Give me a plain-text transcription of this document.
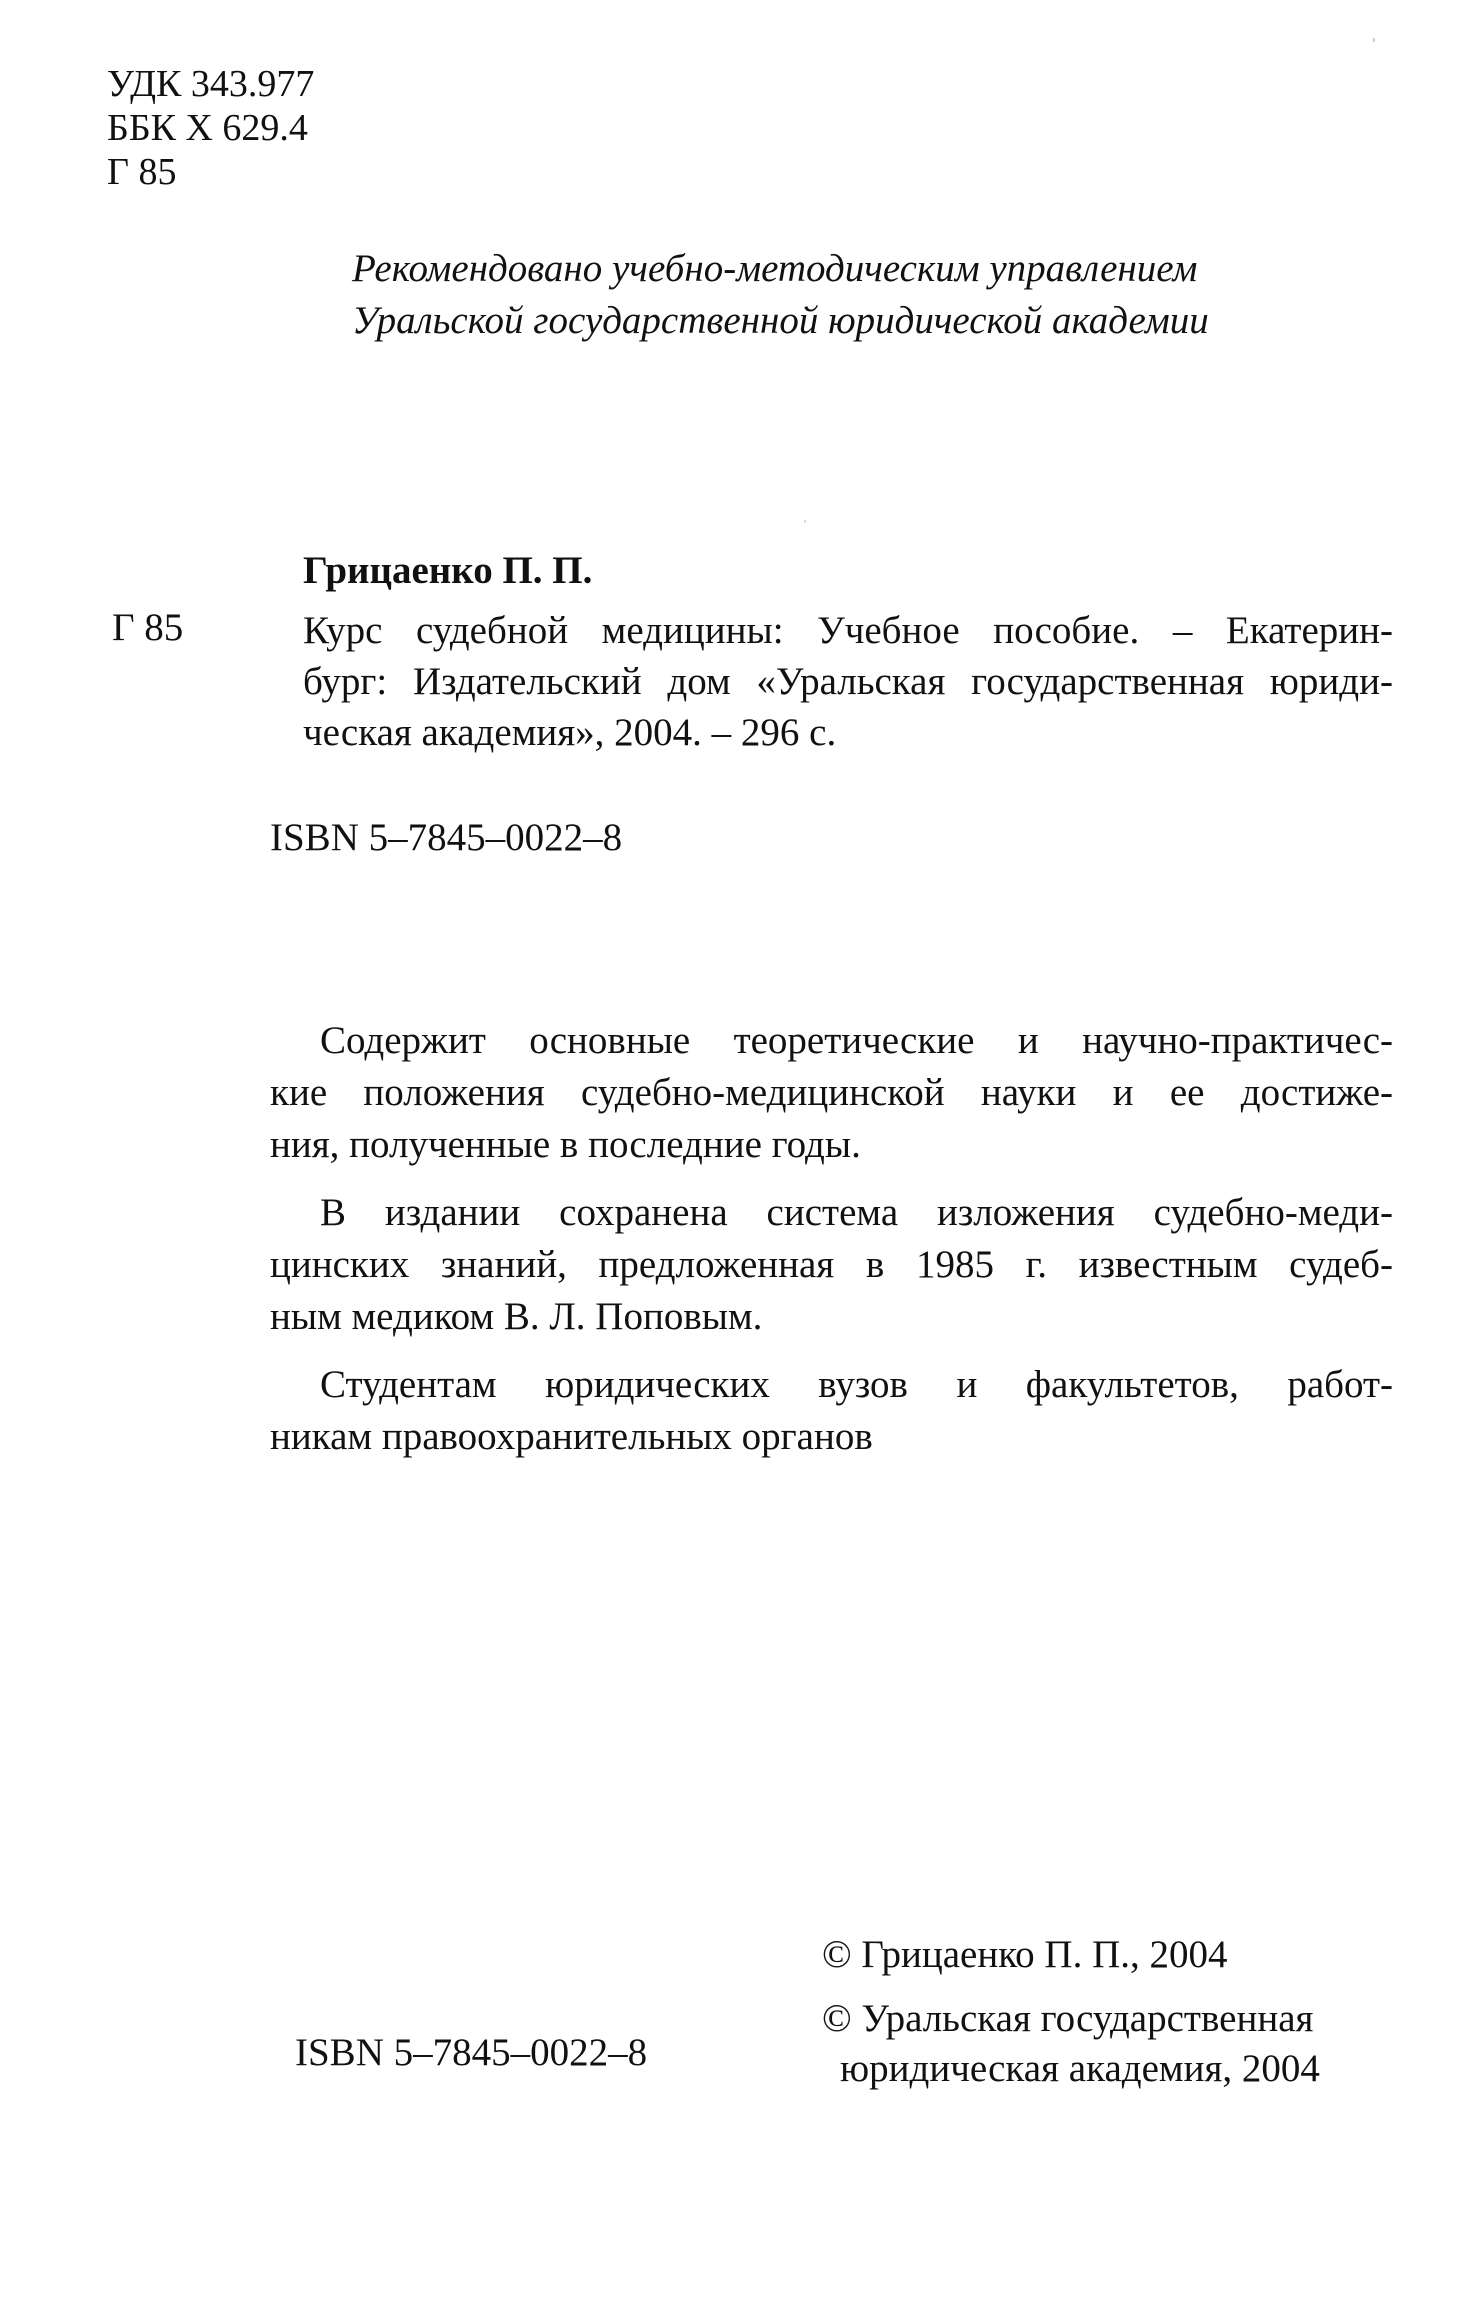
УДК 343.977
ББК Х 629.4
Г 85
Рекомендовано учебно-методическим управлением
Уральской государственной юридической академии
Грицаенко П. П.
Г 85	Курс судебной медицины: Учебное пособие. – Екатерин-
бург: Издательский дом «Уральская государственная юриди-
ческая академия», 2004. – 296 с.
ISBN 5–7845–0022–8
Содержит основные теоретические и научно-практичес-
кие положения судебно-медицинской науки и ее достиже-
ния, полученные в последние годы.
В издании сохранена система изложения судебно-меди-
цинских знаний, предложенная в 1985 г. известным судеб-
ным медиком В. Л. Поповым.
Студентам юридических вузов и факультетов, работ-
никам правоохранительных органов
ISBN 5–7845–0022–8
© Грицаенко П. П., 2004
© Уральская государственная
юридическая академия, 2004
